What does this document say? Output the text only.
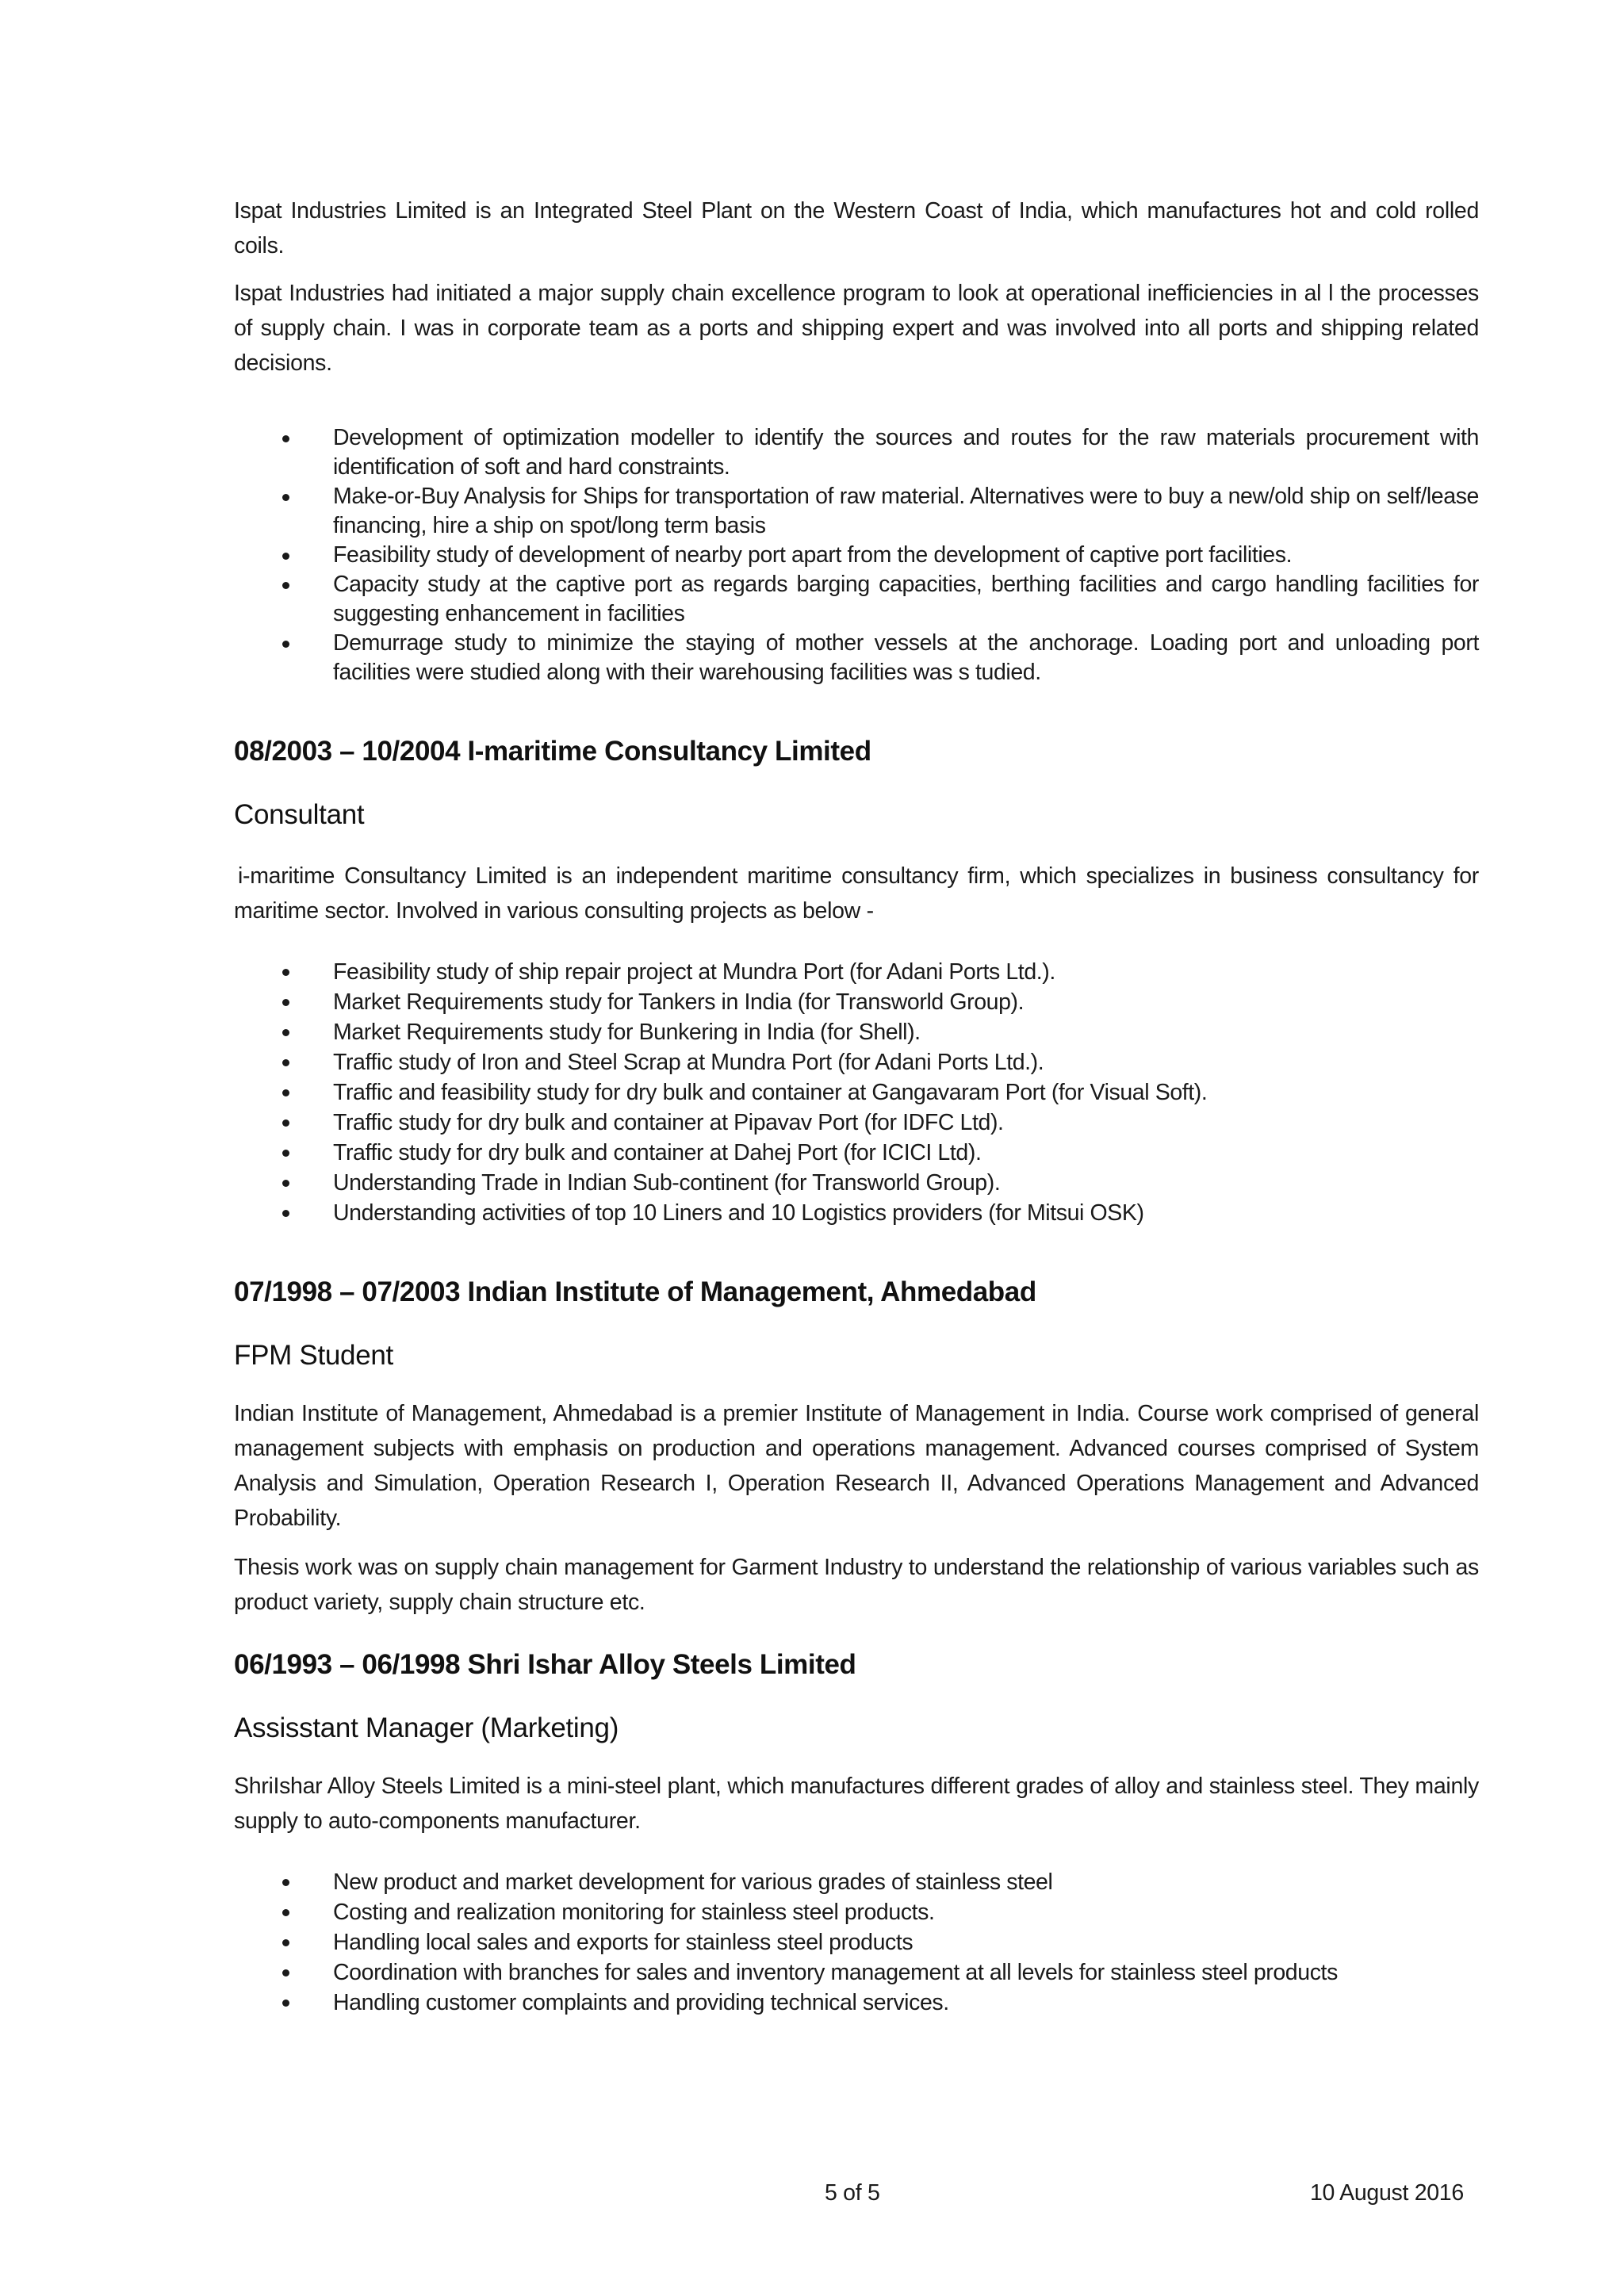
Ispat Industries Limited is an Integrated Steel Plant on the Western Coast of India, which manufactures hot and cold rolled coils.

Ispat Industries had initiated a major supply chain excellence program to look at operational inefficiencies in al l the processes of supply chain. I was in corporate team as a ports and shipping expert and was involved into all ports and shipping related decisions.

Development of optimization modeller to identify the sources and routes for the raw materials procurement with identification of soft and hard constraints.
Make-or-Buy Analysis for Ships for transportation of raw material. Alternatives were to buy a new/old ship on self/lease financing, hire a ship on spot/long term basis
Feasibility study of development of nearby port apart from the development of captive port facilities.
Capacity study at the captive port as regards barging capacities, berthing facilities and cargo handling facilities for suggesting enhancement in facilities
Demurrage study to minimize the staying of mother vessels at the anchorage. Loading port and unloading port facilities were studied along with their warehousing facilities was s tudied.
08/2003 – 10/2004 I-maritime Consultancy Limited
Consultant

i-maritime Consultancy Limited is an independent maritime consultancy firm, which specializes in business consultancy for maritime sector. Involved in various consulting projects as below -

Feasibility study of ship repair project at Mundra Port (for Adani Ports Ltd.).
Market Requirements study for Tankers in India (for Transworld Group).
Market Requirements study for Bunkering in India (for Shell).
Traffic study of Iron and Steel Scrap at Mundra Port (for Adani Ports Ltd.).
Traffic and feasibility study for dry bulk and container at Gangavaram Port (for Visual Soft).
Traffic study for dry bulk and container at Pipavav Port (for IDFC Ltd).
Traffic study for dry bulk and container at Dahej Port (for ICICI Ltd).
Understanding Trade in Indian Sub-continent (for Transworld Group).
Understanding activities of top 10 Liners and 10 Logistics providers (for Mitsui OSK)
07/1998 – 07/2003 Indian Institute of Management, Ahmedabad
FPM Student

Indian Institute of Management, Ahmedabad is a premier Institute of Management in India. Course work comprised of general management subjects with emphasis on production and operations management. Advanced courses comprised of System Analysis and Simulation, Operation Research I, Operation Research II, Advanced Operations Management and Advanced Probability.

Thesis work was on supply chain management for Garment Industry to understand the relationship of various variables such as product variety, supply chain structure etc.

06/1993 – 06/1998 Shri Ishar Alloy Steels Limited
Assisstant Manager (Marketing)

ShriIshar Alloy Steels Limited is a mini-steel plant, which manufactures different grades of alloy and stainless steel. They mainly supply to auto-components manufacturer.

New product and market development for various grades of stainless steel
Costing and realization monitoring for stainless steel products.
Handling local sales and exports for stainless steel products
Coordination with branches for sales and inventory management at all levels for stainless steel products
Handling customer complaints and providing technical services.
5 of 5	10 August 2016
